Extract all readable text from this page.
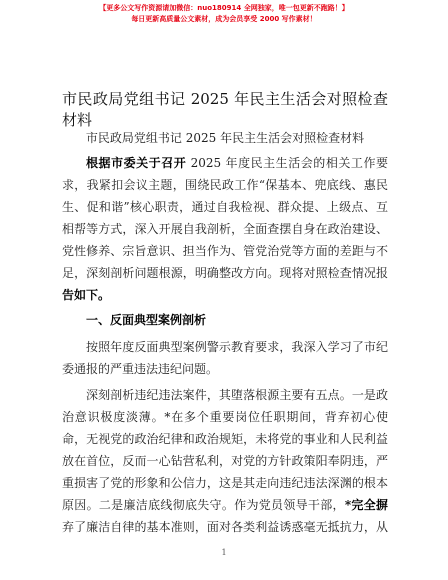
【更多公文写作资源请加微信：nuo180914 全网独家，唯一包更新不跑路！】
每日更新高质量公文素材，成为会员享受 2000 写作素材！
市民政局党组书记 2025 年民主生活会对照检查
材料
市民政局党组书记 2025 年民主生活会对照检查材料
根据市委关于召开 2025 年度民主生活会的相关工作要
求，我紧扣会议主题，围绕民政工作“保基本、兜底线、惠民
生、促和谐”核心职责，通过自我检视、群众提、上级点、互
相帮等方式，深入开展自我剖析，全面查摆自身在政治建设、
党性修养、宗旨意识、担当作为、管党治党等方面的差距与不
足，深刻剖析问题根源，明确整改方向。现将对照检查情况报
告如下。
一、反面典型案例剖析
按照年度反面典型案例警示教育要求，我深入学习了市纪
委通报的严重违法违纪问题。
深刻剖析违纪违法案件，其堕落根源主要有五点。一是政
治意识极度淡薄。*在多个重要岗位任职期间，背弃初心使
命，无视党的政治纪律和政治规矩，未将党的事业和人民利益
放在首位，反而一心钻营私利，对党的方针政策阳奉阴违，严
重损害了党的形象和公信力，这是其走向违纪违法深渊的根本
原因。二是廉洁底线彻底失守。作为党员领导干部，*完全摒
弃了廉洁自律的基本准则，面对各类利益诱惑毫无抵抗力，从
1
